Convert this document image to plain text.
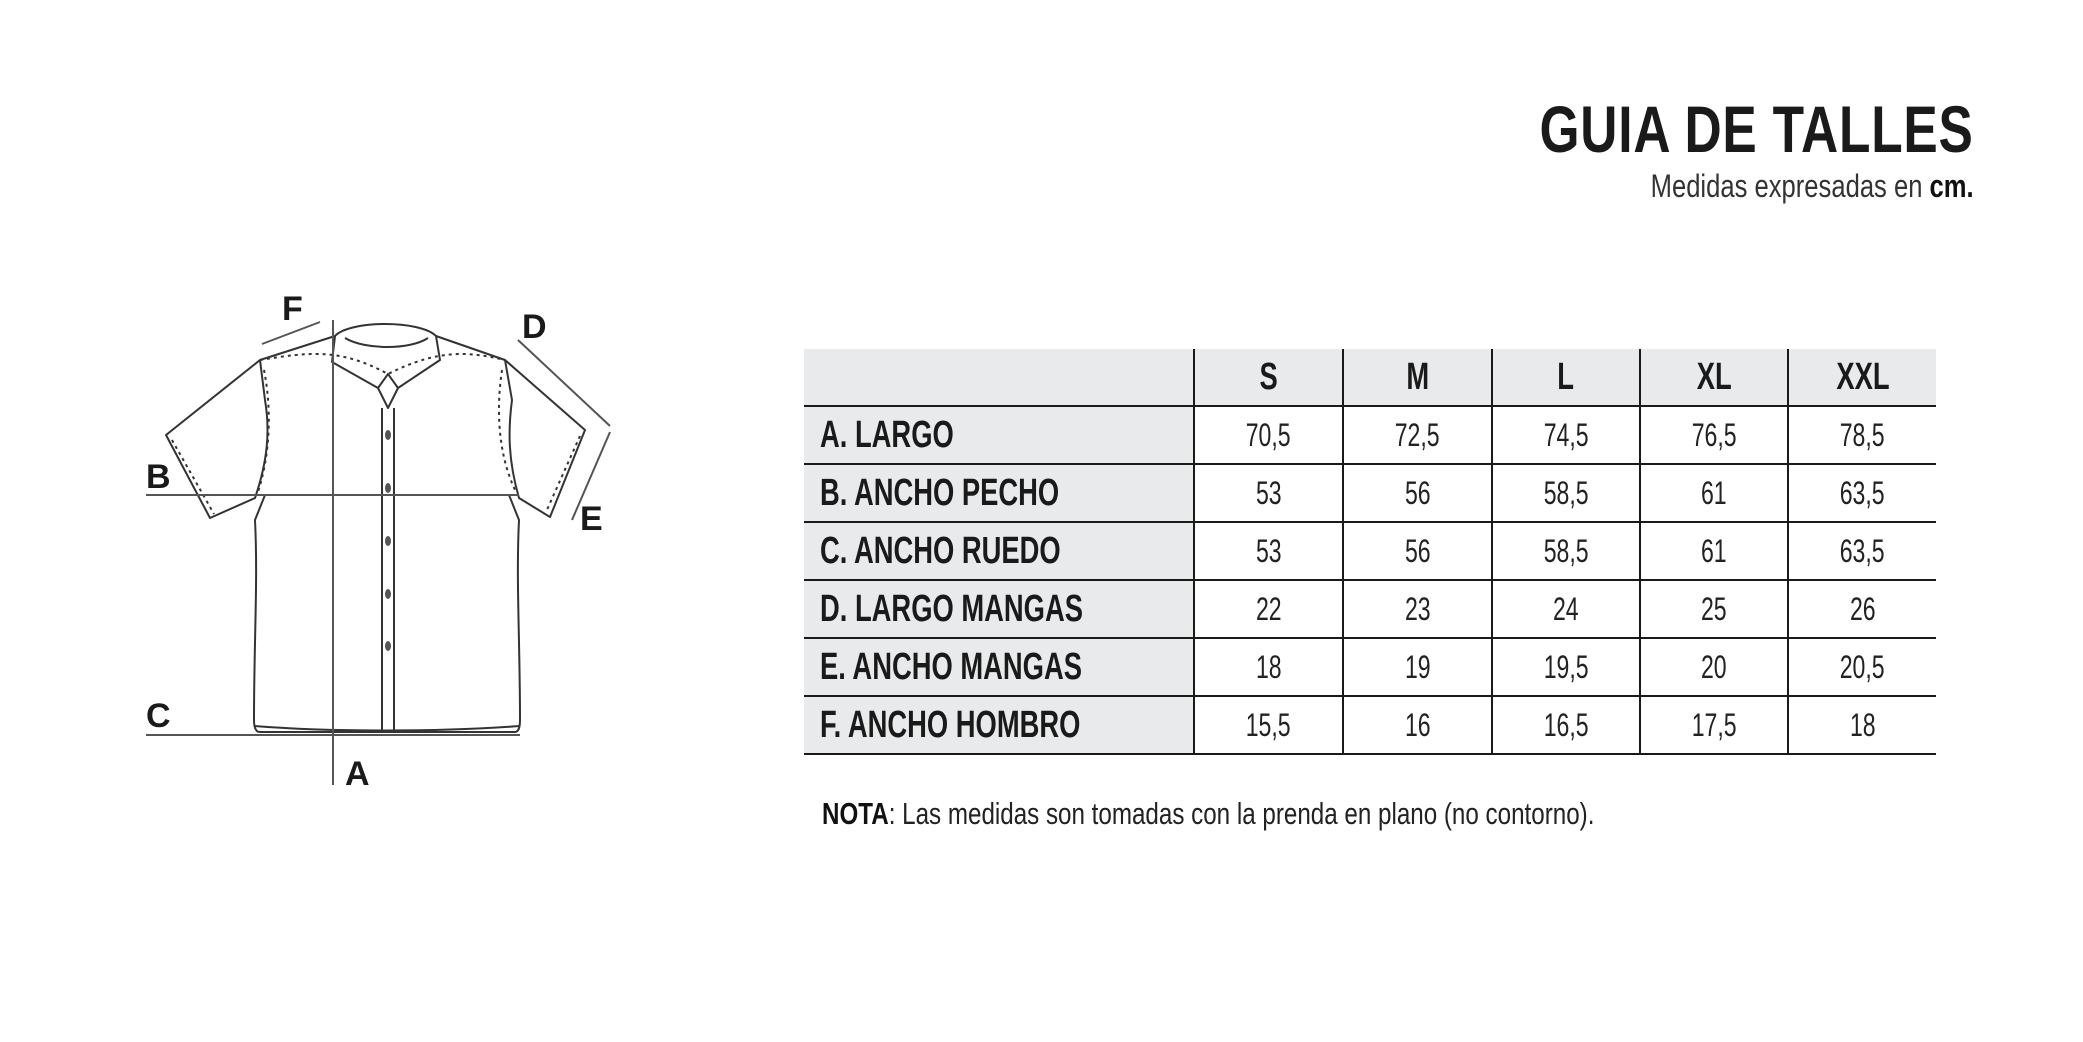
GUIA DE TALLES
Medidas expresadas en cm.
A
B
C
D
E
F
	S	M	L	XL	XXL
A. LARGO	70,5	72,5	74,5	76,5	78,5
B. ANCHO PECHO	53	56	58,5	61	63,5
C. ANCHO RUEDO	53	56	58,5	61	63,5
D. LARGO MANGAS	22	23	24	25	26
E. ANCHO MANGAS	18	19	19,5	20	20,5
F. ANCHO HOMBRO	15,5	16	16,5	17,5	18
NOTA: Las medidas son tomadas con la prenda en plano (no contorno).
